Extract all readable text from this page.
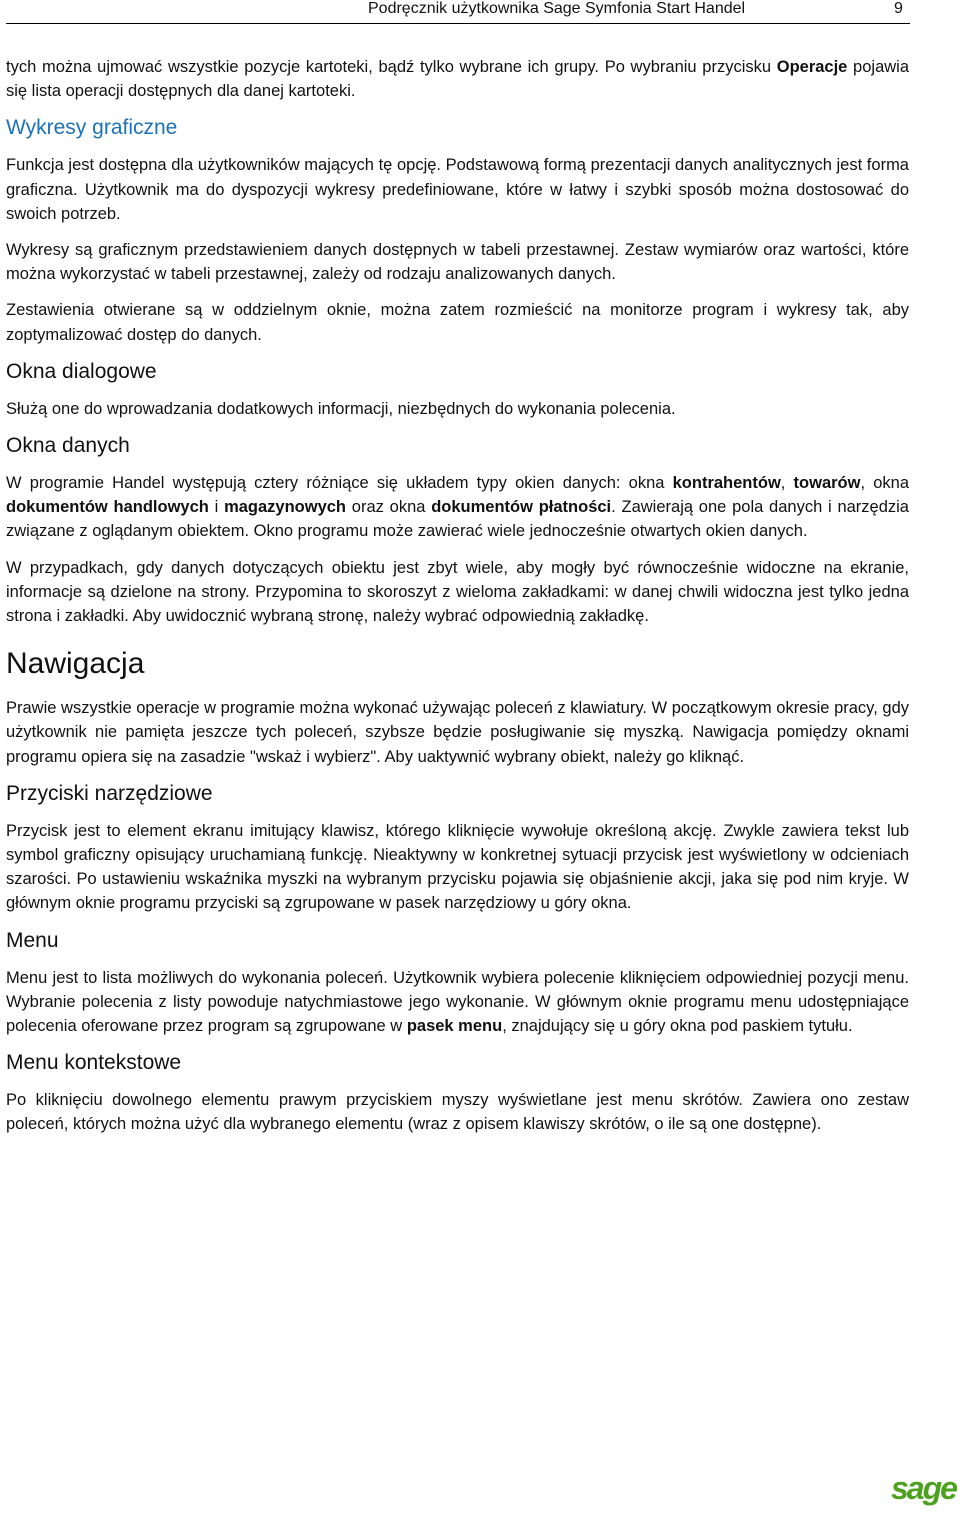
Podręcznik użytkownika Sage Symfonia Start Handel	9

tych można ujmować wszystkie pozycje kartoteki, bądź tylko wybrane ich grupy. Po wybraniu przycisku Operacje pojawia się lista operacji dostępnych dla danej kartoteki.

Wykresy graficzne

Funkcja jest dostępna dla użytkowników mających tę opcję. Podstawową formą prezentacji danych analitycznych jest forma graficzna. Użytkownik ma do dyspozycji wykresy predefiniowane, które w łatwy i szybki sposób można dostosować do swoich potrzeb.

Wykresy są graficznym przedstawieniem danych dostępnych w tabeli przestawnej. Zestaw wymiarów oraz wartości, które można wykorzystać w tabeli przestawnej, zależy od rodzaju analizowanych danych.

Zestawienia otwierane są w oddzielnym oknie, można zatem rozmieścić na monitorze program i wykresy tak, aby zoptymalizować dostęp do danych.

Okna dialogowe

Służą one do wprowadzania dodatkowych informacji, niezbędnych do wykonania polecenia.

Okna danych

W programie Handel występują cztery różniące się układem typy okien danych: okna kontrahentów, towarów, okna dokumentów handlowych i magazynowych oraz okna dokumentów płatności. Zawierają one pola danych i narzędzia związane z oglądanym obiektem. Okno programu może zawierać wiele jednocześnie otwartych okien danych.

W przypadkach, gdy danych dotyczących obiektu jest zbyt wiele, aby mogły być równocześnie widoczne na ekranie, informacje są dzielone na strony. Przypomina to skoroszyt z wieloma zakładkami: w danej chwili widoczna jest tylko jedna strona i zakładki. Aby uwidocznić wybraną stronę, należy wybrać odpowiednią zakładkę.

Nawigacja

Prawie wszystkie operacje w programie można wykonać używając poleceń z klawiatury. W początkowym okresie pracy, gdy użytkownik nie pamięta jeszcze tych poleceń, szybsze będzie posługiwanie się myszką. Nawigacja pomiędzy oknami programu opiera się na zasadzie "wskaż i wybierz". Aby uaktywnić wybrany obiekt, należy go kliknąć.

Przyciski narzędziowe

Przycisk jest to element ekranu imitujący klawisz, którego kliknięcie wywołuje określoną akcję. Zwykle zawiera tekst lub symbol graficzny opisujący uruchamianą funkcję. Nieaktywny w konkretnej sytuacji przycisk jest wyświetlony w odcieniach szarości. Po ustawieniu wskaźnika myszki na wybranym przycisku pojawia się objaśnienie akcji, jaka się pod nim kryje. W głównym oknie programu przyciski są zgrupowane w pasek narzędziowy u góry okna.

Menu

Menu jest to lista możliwych do wykonania poleceń. Użytkownik wybiera polecenie kliknięciem odpowiedniej pozycji menu. Wybranie polecenia z listy powoduje natychmiastowe jego wykonanie. W głównym oknie programu menu udostępniające polecenia oferowane przez program są zgrupowane w pasek menu, znajdujący się u góry okna pod paskiem tytułu.

Menu kontekstowe

Po kliknięciu dowolnego elementu prawym przyciskiem myszy wyświetlane jest menu skrótów. Zawiera ono zestaw poleceń, których można użyć dla wybranego elementu (wraz z opisem klawiszy skrótów, o ile są one dostępne).

sage
